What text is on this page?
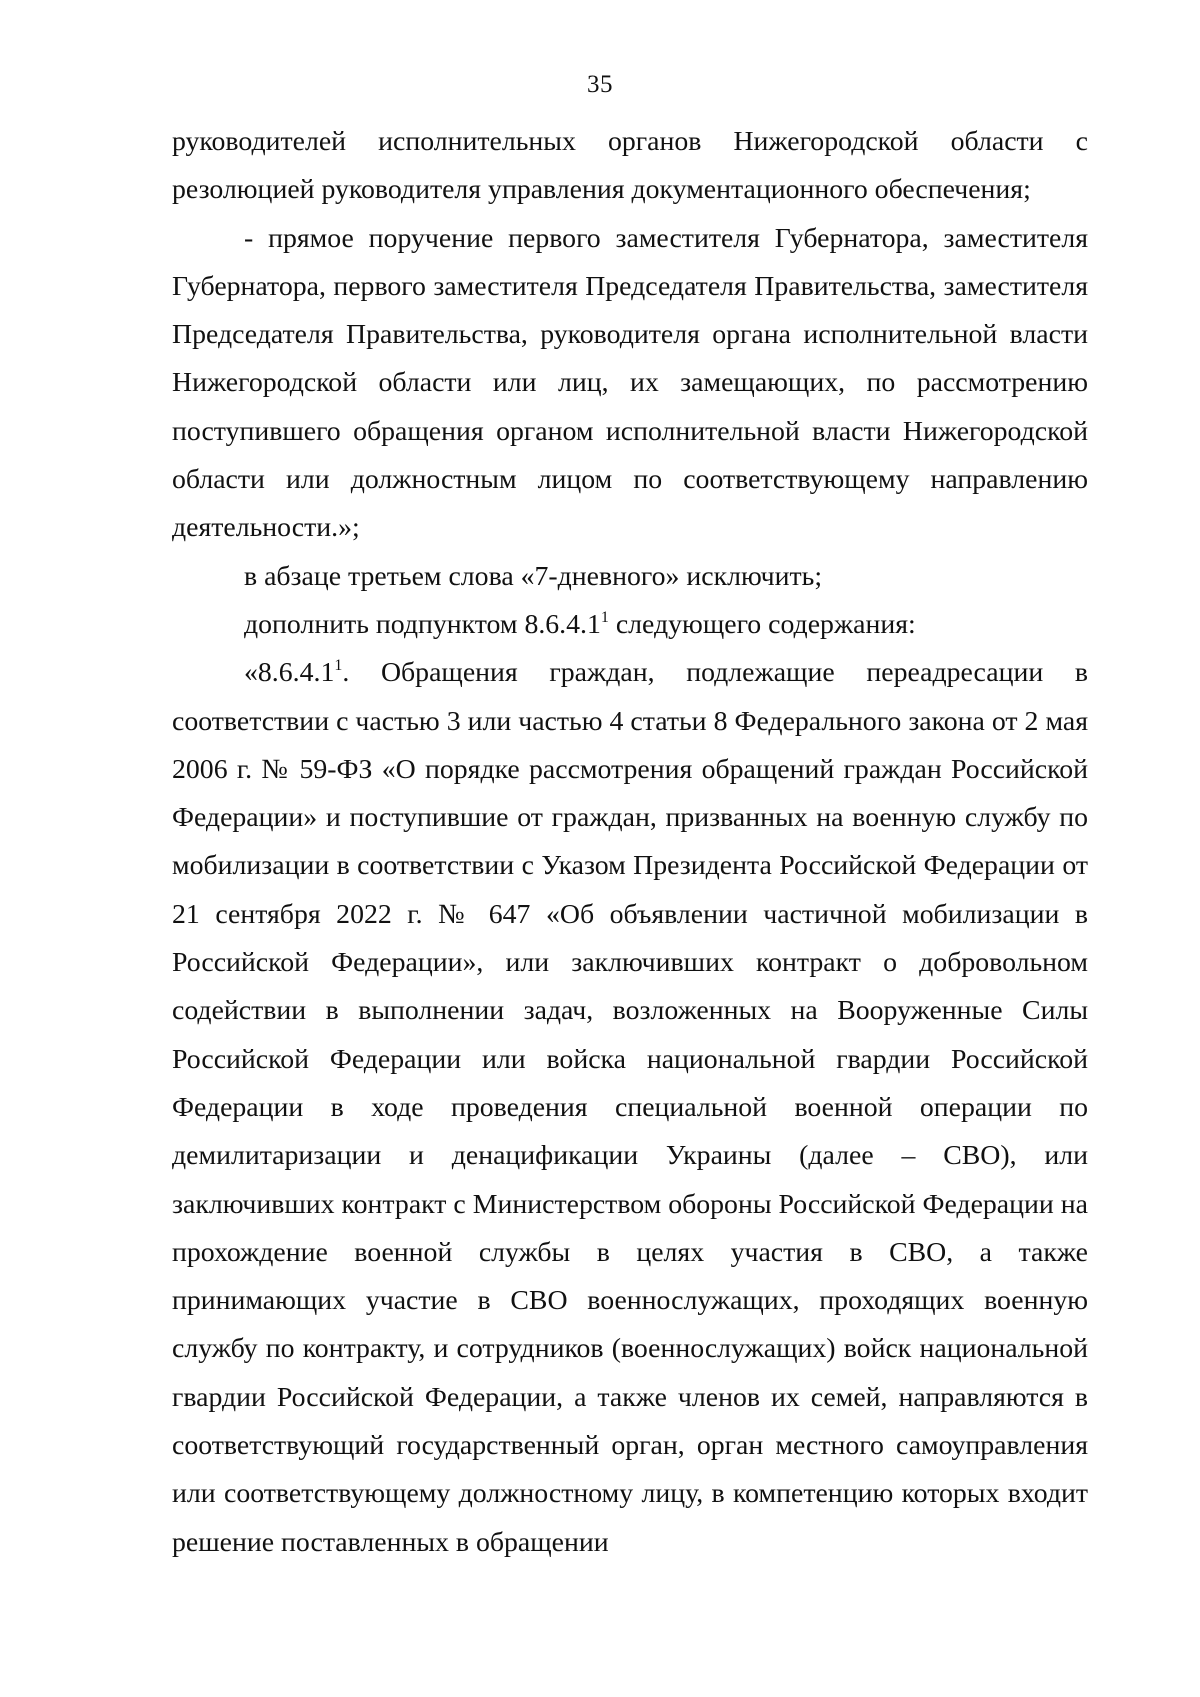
35

руководителей исполнительных органов Нижегородской области с резолюцией руководителя управления документационного обеспечения;

- прямое поручение первого заместителя Губернатора, заместителя Губернатора, первого заместителя Председателя Правительства, заместителя Председателя Правительства, руководителя органа исполнительной власти Нижегородской области или лиц, их замещающих, по рассмотрению поступившего обращения органом исполнительной власти Нижегородской области или должностным лицом по соответствующему направлению деятельности.»;

в абзаце третьем слова «7-дневного» исключить;

дополнить подпунктом 8.6.4.1$^1$ следующего содержания:

«8.6.4.1$^1$. Обращения граждан, подлежащие переадресации в соответствии с частью 3 или частью 4 статьи 8 Федерального закона от 2 мая 2006 г. № 59-ФЗ «О порядке рассмотрения обращений граждан Российской Федерации» и поступившие от граждан, призванных на военную службу по мобилизации в соответствии с Указом Президента Российской Федерации от 21 сентября 2022 г. № 647 «Об объявлении частичной мобилизации в Российской Федерации», или заключивших контракт о добровольном содействии в выполнении задач, возложенных на Вооруженные Силы Российской Федерации или войска национальной гвардии Российской Федерации в ходе проведения специальной военной операции по демилитаризации и денацификации Украины (далее – СВО), или заключивших контракт с Министерством обороны Российской Федерации на прохождение военной службы в целях участия в СВО, а также принимающих участие в СВО военнослужащих, проходящих военную службу по контракту, и сотрудников (военнослужащих) войск национальной гвардии Российской Федерации, а также членов их семей, направляются в соответствующий государственный орган, орган местного самоуправления или соответствующему должностному лицу, в компетенцию которых входит решение поставленных в обращении
